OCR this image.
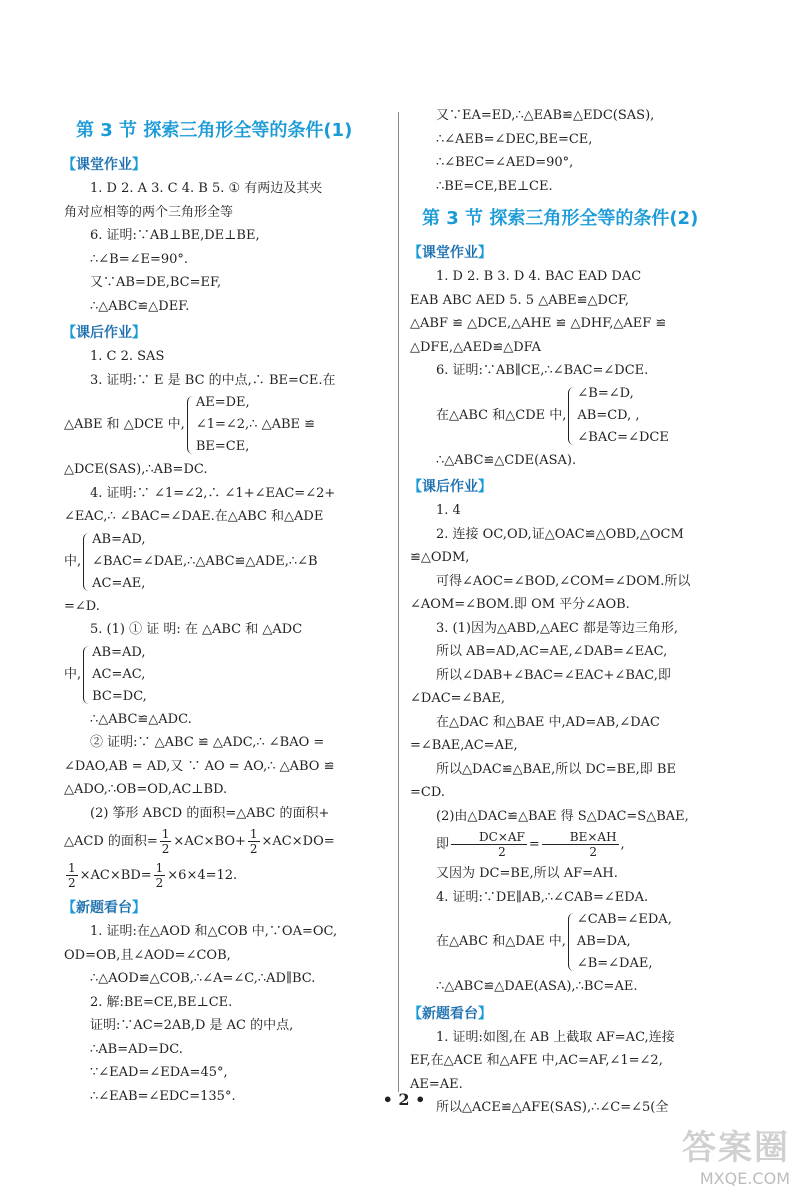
第 3 节 探索三角形全等的条件(1)
【课堂作业】

1. D 2. A 3. C 4. B 5. ① 有两边及其夹

角对应相等的两个三角形全等

6. 证明:∵AB⊥BE,DE⊥BE,

∴∠B=∠E=90°.

又∵AB=DE,BC=EF,

∴△ABC≌△DEF.

【课后作业】

1. C 2. SAS

3. 证明:∵ E 是 BC 的中点,∴ BE=CE.在

△ABE 和 △DCE 中,

AE=DE,

∠1=∠2,∴ △ABE ≌

BE=CE,

△DCE(SAS),∴AB=DC.

4. 证明:∵ ∠1=∠2,∴ ∠1+∠EAC=∠2+

∠EAC,∴ ∠BAC=∠DAE.在△ABC 和△ADE

中,

AB=AD,

∠BAC=∠DAE,∴△ABC≌△ADE,∴∠B

AC=AE,

=∠D.

5. (1) ① 证 明: 在 △ABC 和 △ADC

中,

AB=AD,

AC=AC,

BC=DC,

∴△ABC≌△ADC.

② 证明:∵ △ABC ≌ △ADC,∴ ∠BAO =

∠DAO,AB = AD,又 ∵ AO = AO,∴ △ABO ≌

△ADO,∴OB=OD,AC⊥BD.

(2) 筝形 ABCD 的面积=△ABC 的面积+

△ACD 的面积= $\frac{1}{2} \times AC\times BO+ \frac{1}{2} \times AC\times DO=$

$\frac{1}{2} \times AC\times BD= \frac{1}{2} \times 6\times 4=12$.

【新题看台】

1. 证明:在△AOD 和△COB 中,∵OA=OC,

OD=OB,且∠AOD=∠COB,

∴△AOD≌△COB,∴∠A=∠C,∴AD∥BC.

2. 解:BE=CE,BE⊥CE.

证明:∵AC=2AB,D 是 AC 的中点,

∴AB=AD=DC.

∵∠EAD=∠EDA=45°,

∴∠EAB=∠EDC=135°.

又∵EA=ED,∴△EAB≌△EDC(SAS),

∴∠AEB=∠DEC,BE=CE,

∴∠BEC=∠AED=90°,

∴BE=CE,BE⊥CE.

第 3 节 探索三角形全等的条件(2)
【课堂作业】

1. D 2. B 3. D 4. BAC EAD DAC

EAB ABC AED 5. 5 △ABE≌△DCF,

△ABF ≌ △DCE,△AHE ≌ △DHF,△AEF ≌

△DFE,△AED≌△DFA

6. 证明:∵AB∥CE,∴∠BAC=∠DCE.

在△ABC 和△CDE 中,

∠B=∠D,

AB=CD, ,

∠BAC=∠DCE

∴△ABC≌△CDE(ASA).

【课后作业】

1. 4

2. 连接 OC,OD,证△OAC≌△OBD,△OCM

≌△ODM,

可得∠AOC=∠BOD,∠COM=∠DOM.所以

∠AOM=∠BOM.即 OM 平分∠AOB.

3. (1)因为△ABD,△AEC 都是等边三角形,

所以 AB=AD,AC=AE,∠DAB=∠EAC,

所以∠DAB+∠BAC=∠EAC+∠BAC,即

∠DAC=∠BAE,

在△DAC 和△BAE 中,AD=AB,∠DAC

=∠BAE,AC=AE,

所以△DAC≌△BAE,所以 DC=BE,即 BE

=CD.

(2)由△DAC≌△BAE 得 S△DAC=S△BAE,

即 $\frac{DC\times AF}{2} = \frac{BE\times AH}{2}$ ,

又因为 DC=BE,所以 AF=AH.

4. 证明:∵DE∥AB,∴∠CAB=∠EDA.

在△ABC 和△DAE 中,

∠CAB=∠EDA,

AB=DA,

∠B=∠DAE,

∴△ABC≌△DAE(ASA),∴BC=AE.

【新题看台】

1. 证明:如图,在 AB 上截取 AF=AC,连接

EF,在△ACE 和△AFE 中,AC=AF,∠1=∠2,

AE=AE.

所以△ACE≌△AFE(SAS),∴∠C=∠5(全

• 2 •
答案圈
MXQE.COM
